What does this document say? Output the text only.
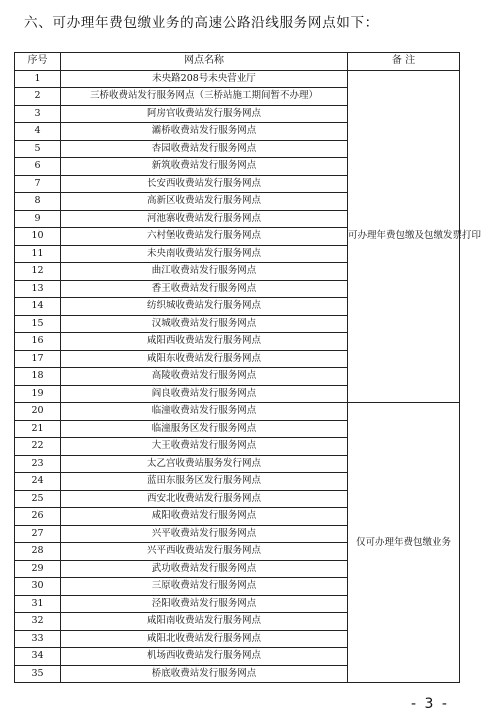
六、可办理年费包缴业务的高速公路沿线服务网点如下：
序号	网点名称	备 注
1	未央路208号未央营业厅	可办理年费包缴及包缴发票打印
2	三桥收费站发行服务网点（三桥站施工期间暂不办理）	
3	阿房官收费站发行服务网点	
4	灞桥收费站发行服务网点	
5	杏园收费站发行服务网点	
6	新筑收费站发行服务网点	
7	长安西收费站发行服务网点	
8	高新区收费站发行服务网点	
9	河池寨收费站发行服务网点	
10	六村堡收费站发行服务网点	
11	未央南收费站发行服务网点	
12	曲江收费站发行服务网点	
13	香王收费站发行服务网点	
14	纺织城收费站发行服务网点	
15	汉城收费站发行服务网点	
16	咸阳西收费站发行服务网点	
17	咸阳东收费站发行服务网点	
18	高陵收费站发行服务网点	
19	阎良收费站发行服务网点	
20	临潼收费站发行服务网点	仅可办理年费包缴业务
21	临潼服务区发行服务网点	
22	大王收费站发行服务网点	
23	太乙宫收费站服务发行网点	
24	蓝田东服务区发行服务网点	
25	西安北收费站发行服务网点	
26	咸阳收费站发行服务网点	
27	兴平收费站发行服务网点	
28	兴平西收费站发行服务网点	
29	武功收费站发行服务网点	
30	三原收费站发行服务网点	
31	泾阳收费站发行服务网点	
32	咸阳南收费站发行服务网点	
33	咸阳北收费站发行服务网点	
34	机场西收费站发行服务网点	
35	桥底收费站发行服务网点	
- 3 -
